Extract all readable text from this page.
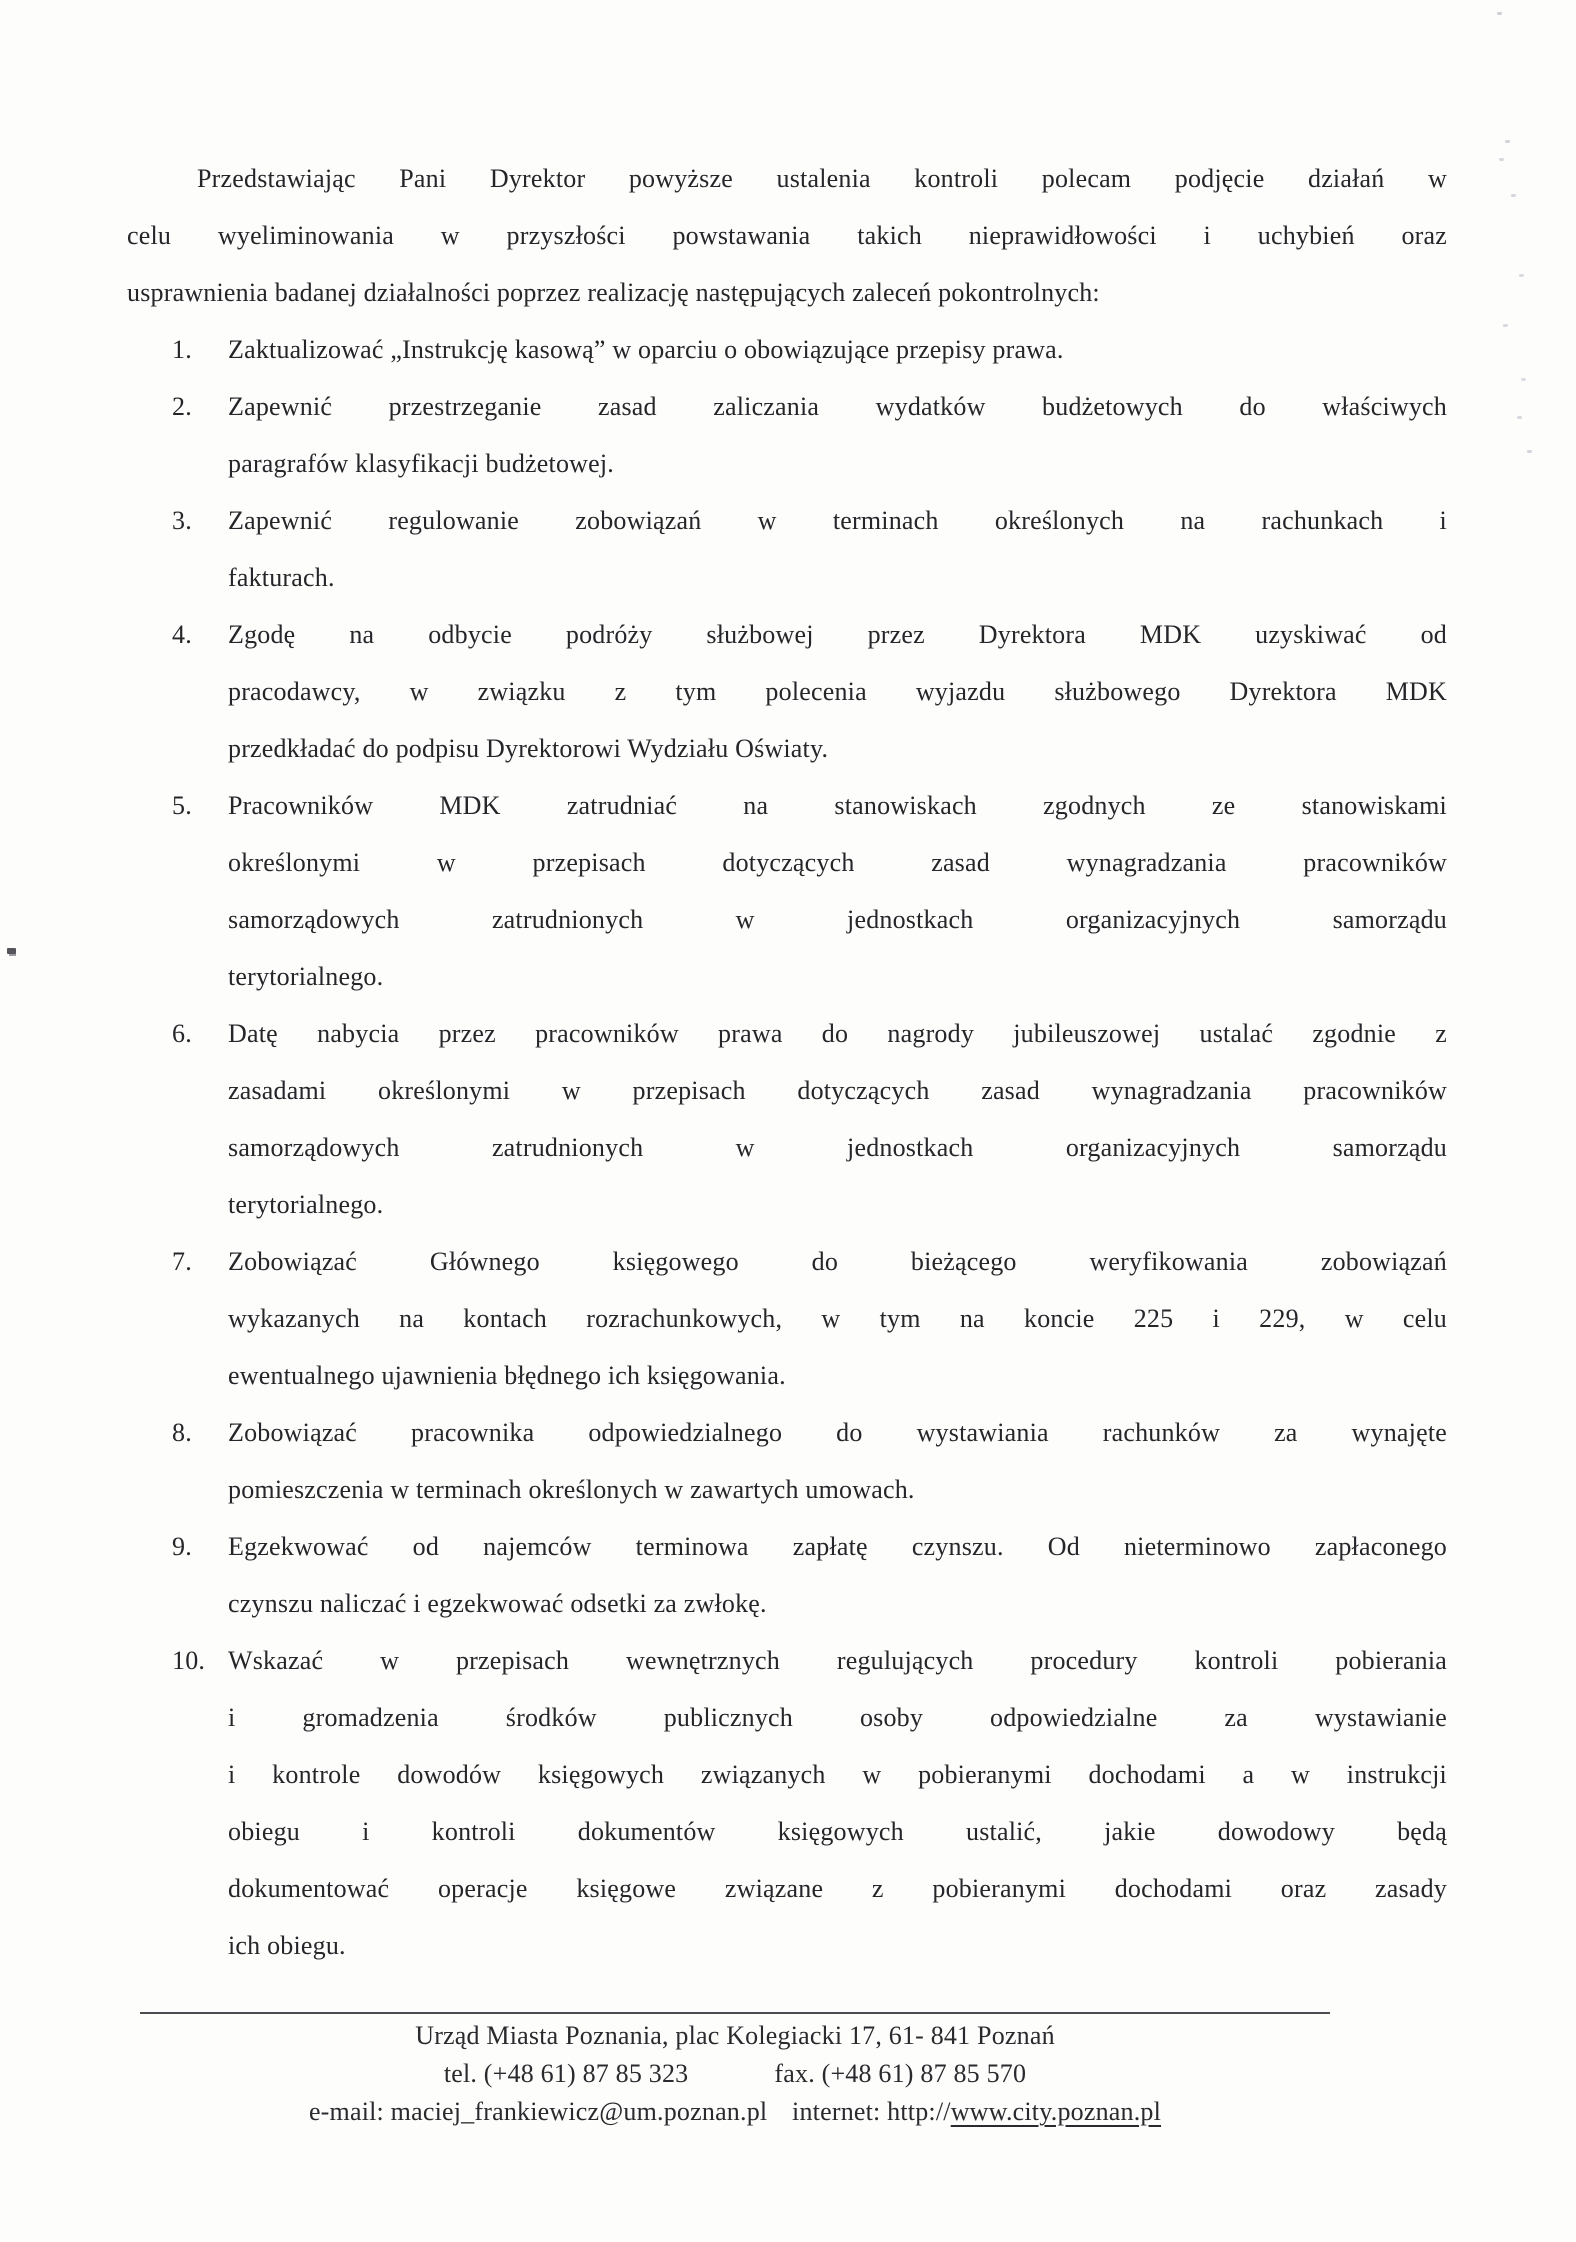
Przedstawiając Pani Dyrektor powyższe ustalenia kontroli polecam podjęcie działań w
celu wyeliminowania w przyszłości powstawania takich nieprawidłowości i uchybień oraz
usprawnienia badanej działalności poprzez realizację następujących zaleceń pokontrolnych:
1.	Zaktualizować „Instrukcję kasową” w oparciu o obowiązujące przepisy prawa.
2.	Zapewnić przestrzeganie zasad zaliczania wydatków budżetowych do właściwych
paragrafów klasyfikacji budżetowej.
3.	Zapewnić regulowanie zobowiązań w terminach określonych na rachunkach i
fakturach.
4.	Zgodę na odbycie podróży służbowej przez Dyrektora MDK uzyskiwać od
pracodawcy, w związku z tym polecenia wyjazdu służbowego Dyrektora MDK
przedkładać do podpisu Dyrektorowi Wydziału Oświaty.
5.	Pracowników MDK zatrudniać na stanowiskach zgodnych ze stanowiskami
określonymi w przepisach dotyczących zasad wynagradzania pracowników
samorządowych zatrudnionych w jednostkach organizacyjnych samorządu
terytorialnego.
6.	Datę nabycia przez pracowników prawa do nagrody jubileuszowej ustalać zgodnie z
zasadami określonymi w przepisach dotyczących zasad wynagradzania pracowników
samorządowych zatrudnionych w jednostkach organizacyjnych samorządu
terytorialnego.
7.	Zobowiązać Głównego księgowego do bieżącego weryfikowania zobowiązań
wykazanych na kontach rozrachunkowych, w tym na koncie 225 i 229, w celu
ewentualnego ujawnienia błędnego ich księgowania.
8.	Zobowiązać pracownika odpowiedzialnego do wystawiania rachunków za wynajęte
pomieszczenia w terminach określonych w zawartych umowach.
9.	Egzekwować od najemców terminowa zapłatę czynszu. Od nieterminowo zapłaconego
czynszu naliczać i egzekwować odsetki za zwłokę.
10. Wskazać w przepisach wewnętrznych regulujących procedury kontroli pobierania
i gromadzenia środków publicznych osoby odpowiedzialne za wystawianie
i kontrole dowodów księgowych związanych w pobieranymi dochodami a w instrukcji
obiegu i kontroli dokumentów księgowych ustalić, jakie dowodowy będą
dokumentować operacje księgowe związane z pobieranymi dochodami oraz zasady
ich obiegu.
Urząd Miasta Poznania, plac Kolegiacki 17, 61- 841 Poznań
tel. (+48 61) 87 85 323	fax. (+48 61) 87 85 570
e-mail: maciej_frankiewicz@um.poznan.pl internet: http://www.city.poznan.pl
